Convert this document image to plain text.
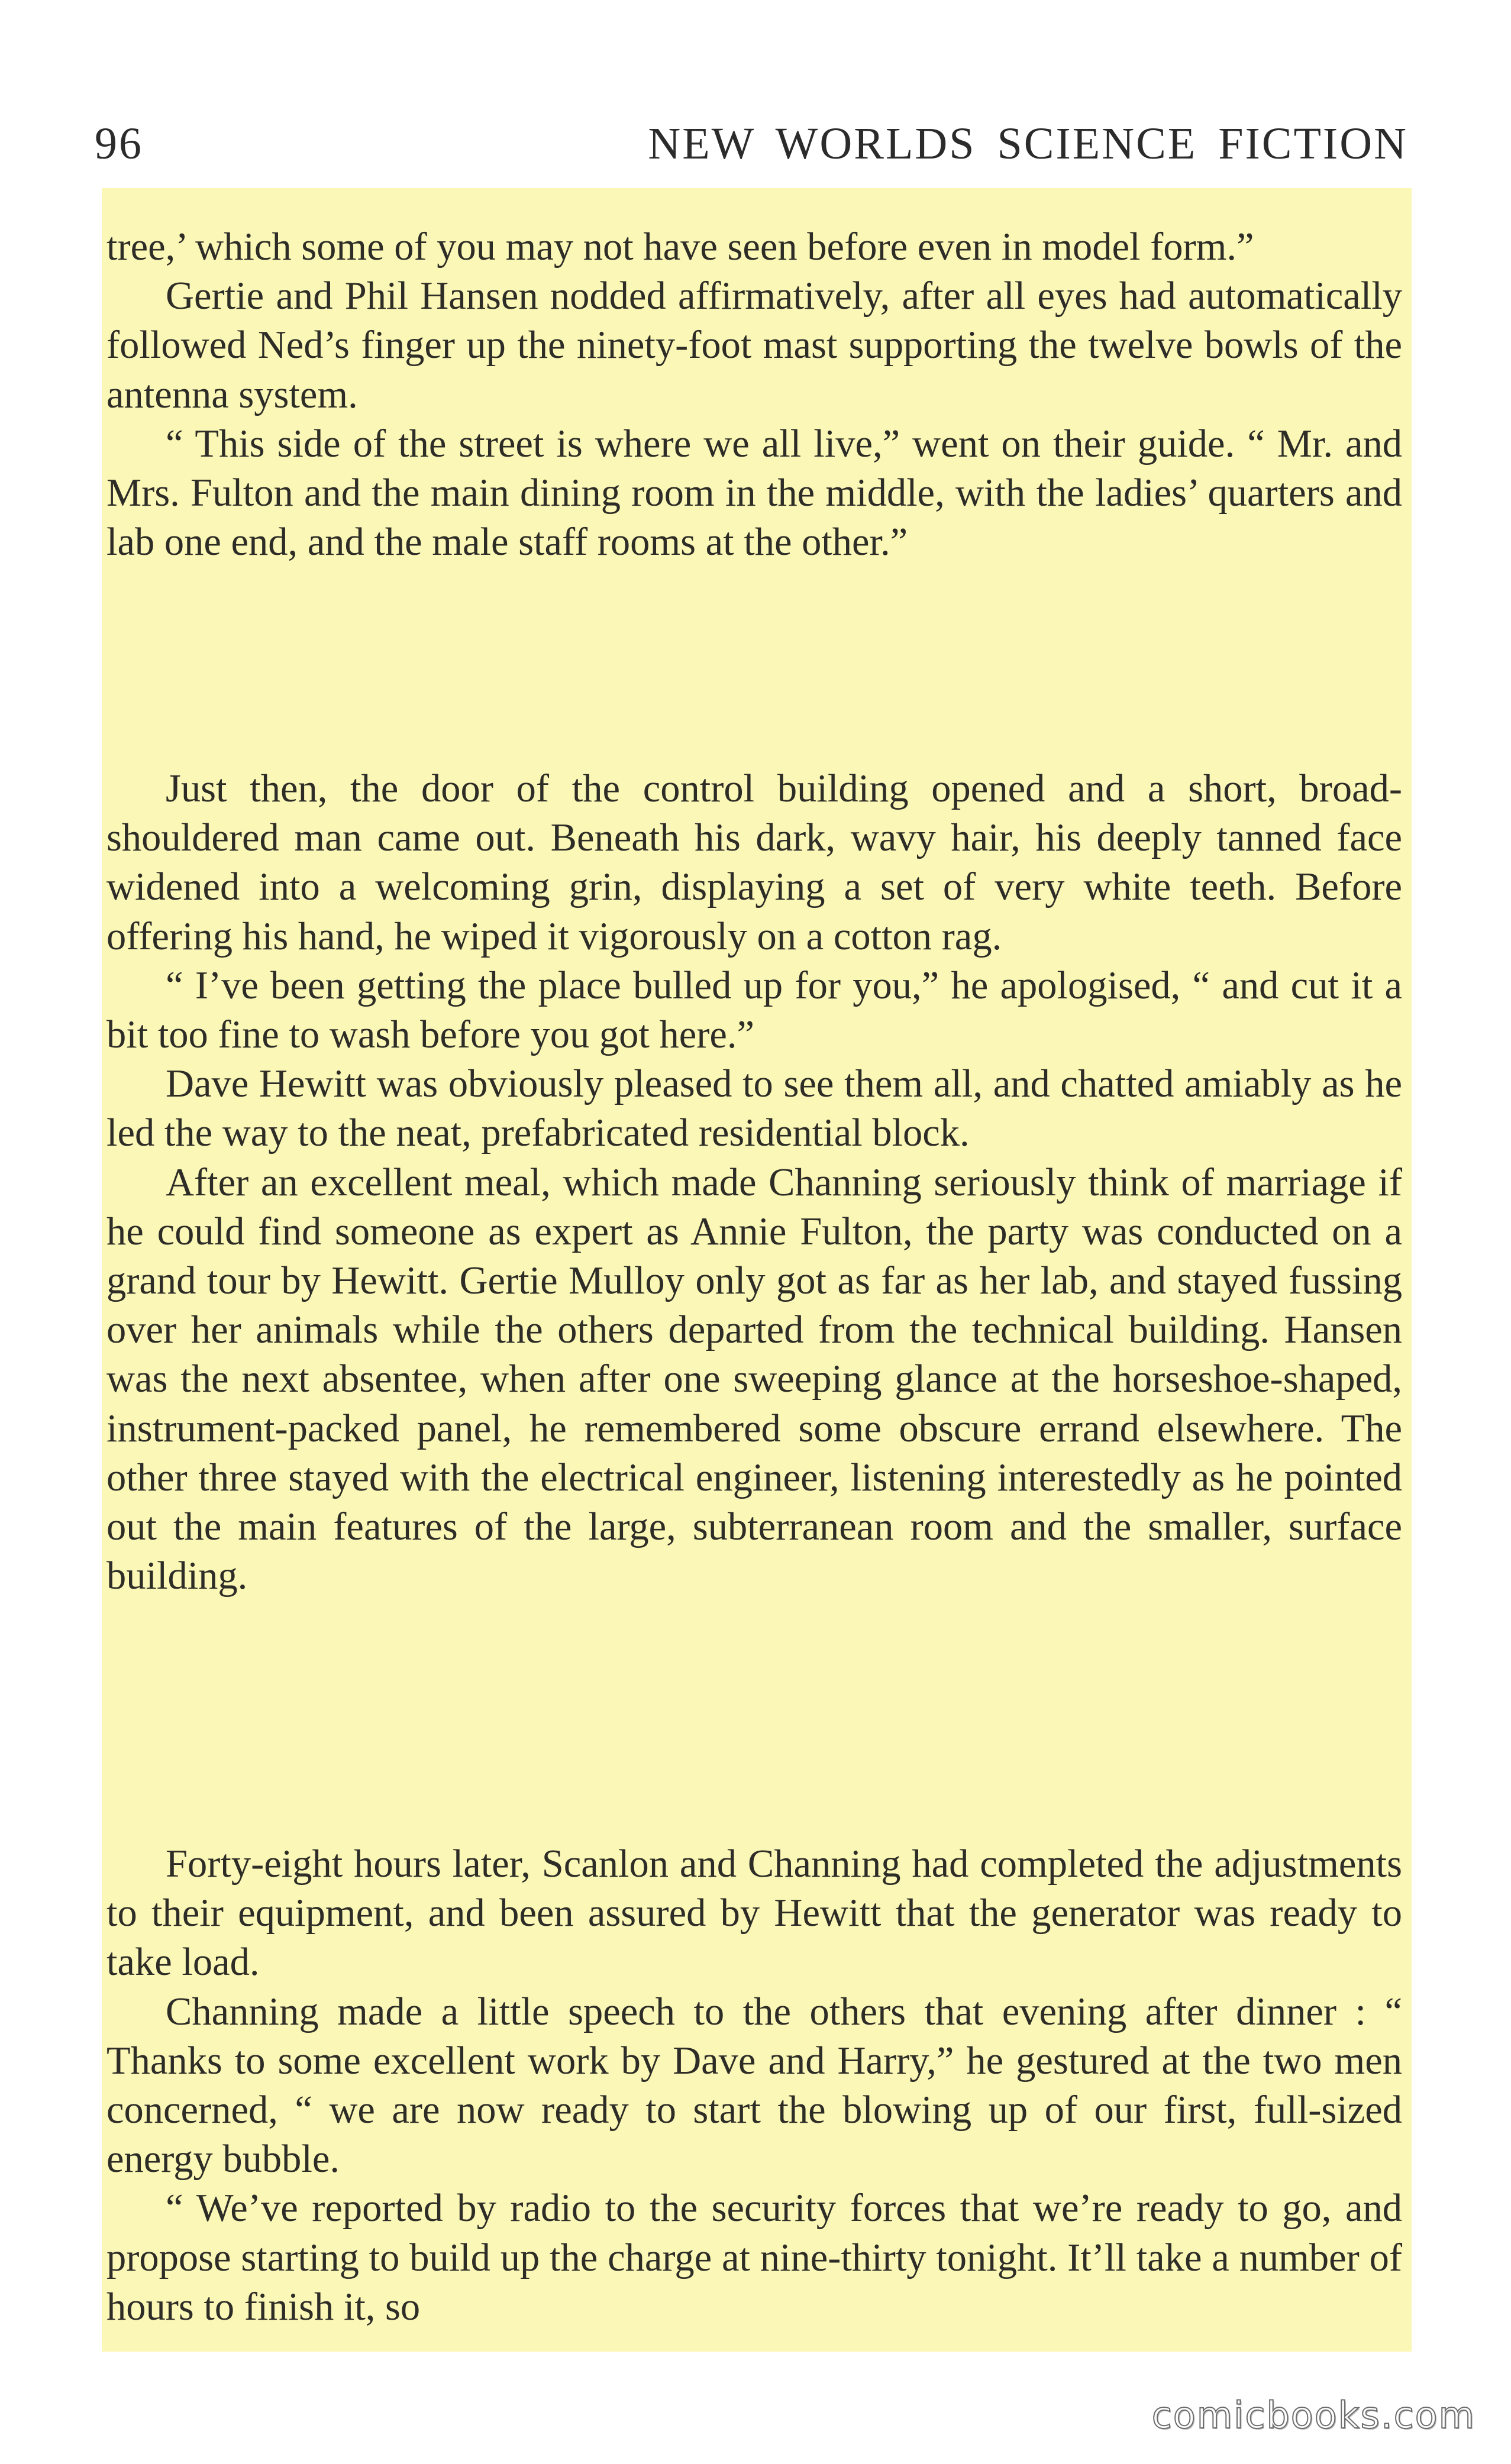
96	NEW WORLDS SCIENCE FICTION

tree,’ which some of you may not have seen before even in model form.”

Gertie and Phil Hansen nodded affirmatively, after all eyes had automatically followed Ned’s finger up the ninety-foot mast supporting the twelve bowls of the antenna system.

“ This side of the street is where we all live,” went on their guide. “ Mr. and Mrs. Fulton and the main dining room in the middle, with the ladies’ quarters and lab one end, and the male staff rooms at the other.”

Just then, the door of the control building opened and a short, broad-shouldered man came out. Beneath his dark, wavy hair, his deeply tanned face widened into a welcoming grin, displaying a set of very white teeth. Before offering his hand, he wiped it vigorously on a cotton rag.

“ I’ve been getting the place bulled up for you,” he apologised, “ and cut it a bit too fine to wash before you got here.”

Dave Hewitt was obviously pleased to see them all, and chatted amiably as he led the way to the neat, prefabricated residential block.

After an excellent meal, which made Channing seriously think of marriage if he could find someone as expert as Annie Fulton, the party was conducted on a grand tour by Hewitt. Gertie Mulloy only got as far as her lab, and stayed fussing over her animals while the others departed from the technical building. Hansen was the next absentee, when after one sweeping glance at the horseshoe-shaped, instrument-packed panel, he remembered some obscure errand elsewhere. The other three stayed with the electrical engineer, listening interestedly as he pointed out the main features of the large, subterranean room and the smaller, surface building.

Forty-eight hours later, Scanlon and Channing had completed the adjustments to their equipment, and been assured by Hewitt that the generator was ready to take load.

Channing made a little speech to the others that evening after dinner : “ Thanks to some excellent work by Dave and Harry,” he gestured at the two men concerned, “ we are now ready to start the blowing up of our first, full-sized energy bubble.

“ We’ve reported by radio to the security forces that we’re ready to go, and propose starting to build up the charge at nine-thirty tonight. It’ll take a number of hours to finish it, so

comicbooks.com
